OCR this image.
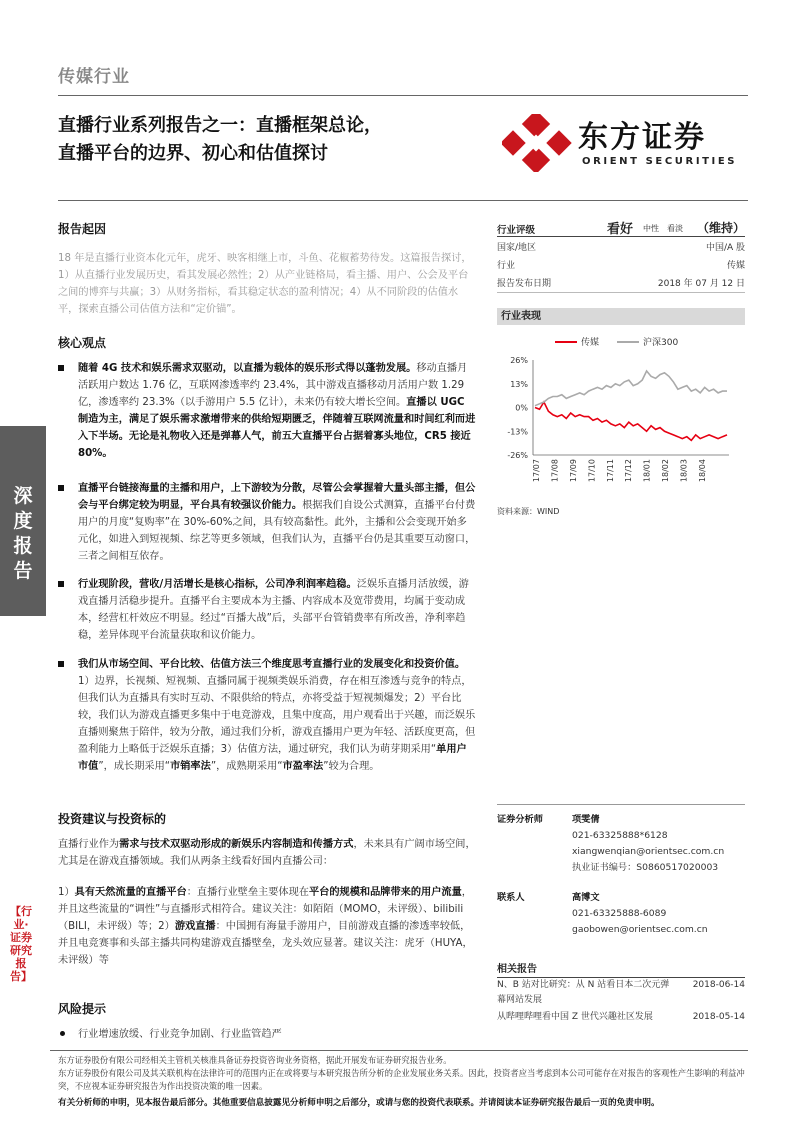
传媒行业
直播行业系列报告之一：直播框架总论，
直播平台的边界、初心和估值探讨	东方证券
ORIENT SECURITIES
深度报告
【行业·证券研究报告】
报告起因
18 年是直播行业资本化元年，虎牙、映客相继上市，斗鱼、花椒蓄势待发。这篇报告探讨，1）从直播行业发展历史，看其发展必然性；2）从产业链格局，看主播、用户、公会及平台之间的博弈与共赢；3）从财务指标，看其稳定状态的盈利情况；4）从不同阶段的估值水平，探索直播公司估值方法和“定价锚”。
核心观点
随着 4G 技术和娱乐需求双驱动，以直播为载体的娱乐形式得以蓬勃发展。移动直播月活跃用户数达 1.76 亿，互联网渗透率约 23.4%，其中游戏直播移动月活用户数 1.29 亿，渗透率约 23.3%（以手游用户 5.5 亿计），未来仍有较大增长空间。直播以 UGC 制造为主，满足了娱乐需求激增带来的供给短期匮乏，伴随着互联网流量和时间红利而进入下半场。无论是礼物收入还是弹幕人气，前五大直播平台占据着寡头地位，CR5 接近 80%。
直播平台链接海量的主播和用户，上下游较为分散，尽管公会掌握着大量头部主播，但公会与平台绑定较为明显，平台具有较强议价能力。根据我们自设公式测算，直播平台付费用户的月度“复购率”在 30%-60%之间，具有较高黏性。此外，主播和公会变现开始多元化，如进入到短视频、综艺等更多领域，但我们认为，直播平台仍是其重要互动窗口，三者之间相互依存。
行业现阶段，营收/月活增长是核心指标，公司净利润率趋稳。泛娱乐直播月活放缓，游戏直播月活稳步提升。直播平台主要成本为主播、内容成本及宽带费用，均属于变动成本，经营杠杆效应不明显。经过“百播大战”后，头部平台管销费率有所改善，净利率趋稳，差异体现平台流量获取和议价能力。
我们从市场空间、平台比较、估值方法三个维度思考直播行业的发展变化和投资价值。1）边界，长视频、短视频、直播同属于视频类娱乐消费，存在相互渗透与竞争的特点，但我们认为直播具有实时互动、不限供给的特点，亦将受益于短视频爆发；2）平台比较，我们认为游戏直播更多集中于电竞游戏，且集中度高，用户观看出于兴趣，而泛娱乐直播则聚焦于陪伴，较为分散，通过我们分析，游戏直播用户更为年轻、活跃度更高，但盈利能力上略低于泛娱乐直播；3）估值方法，通过研究，我们认为萌芽期采用“单用户市值”，成长期采用“市销率法”，成熟期采用“市盈率法”较为合理。
投资建议与投资标的
直播行业作为需求与技术双驱动形成的新娱乐内容制造和传播方式，未来具有广阔市场空间，尤其是在游戏直播领域。我们从两条主线看好国内直播公司：
1）具有天然流量的直播平台：直播行业壁垒主要体现在平台的规模和品牌带来的用户流量，并且这些流量的“调性”与直播形式相符合。建议关注：如陌陌（MOMO，未评级）、bilibili（BILI，未评级）等；2）游戏直播：中国拥有海量手游用户，目前游戏直播的渗透率较低，并且电竞赛事和头部主播共同构建游戏直播壁垒，龙头效应显著。建议关注：虎牙（HUYA，未评级）等
风险提示
行业增速放缓、行业竞争加剧、行业监管趋严
行业评级	看好 中性 看淡 （维持）
国家/地区	中国/A 股
行业	传媒
报告发布日期	2018 年 07 月 12 日
行业表现
传媒	沪深300
26%
13%
0%
-13%
-26%
17/07 17/08 17/09 17/10 17/11 17/12 18/01 18/02 18/03 18/04
资料来源：WIND
证券分析师	项雯倩
021-63325888*6128
xiangwenqian@orientsec.com.cn
执业证书编号：S0860517020003
联系人	高博文
021-63325888-6089
gaobowen@orientsec.com.cn
相关报告
N、B 站对比研究：从 N 站看日本二次元弹幕网站发展
2018-06-14
从哔哩哔哩看中国 Z 世代兴趣社区发展	2018-05-14
东方证券股份有限公司经相关主管机关核准具备证券投资咨询业务资格，据此开展发布证券研究报告业务。
东方证券股份有限公司及其关联机构在法律许可的范围内正在或将要与本研究报告所分析的企业发展业务关系。因此，投资者应当考虑到本公司可能存在对报告的客观性产生影响的利益冲突，不应视本证券研究报告为作出投资决策的唯一因素。
有关分析师的申明，见本报告最后部分。其他重要信息披露见分析师申明之后部分，或请与您的投资代表联系。并请阅读本证券研究报告最后一页的免责申明。
